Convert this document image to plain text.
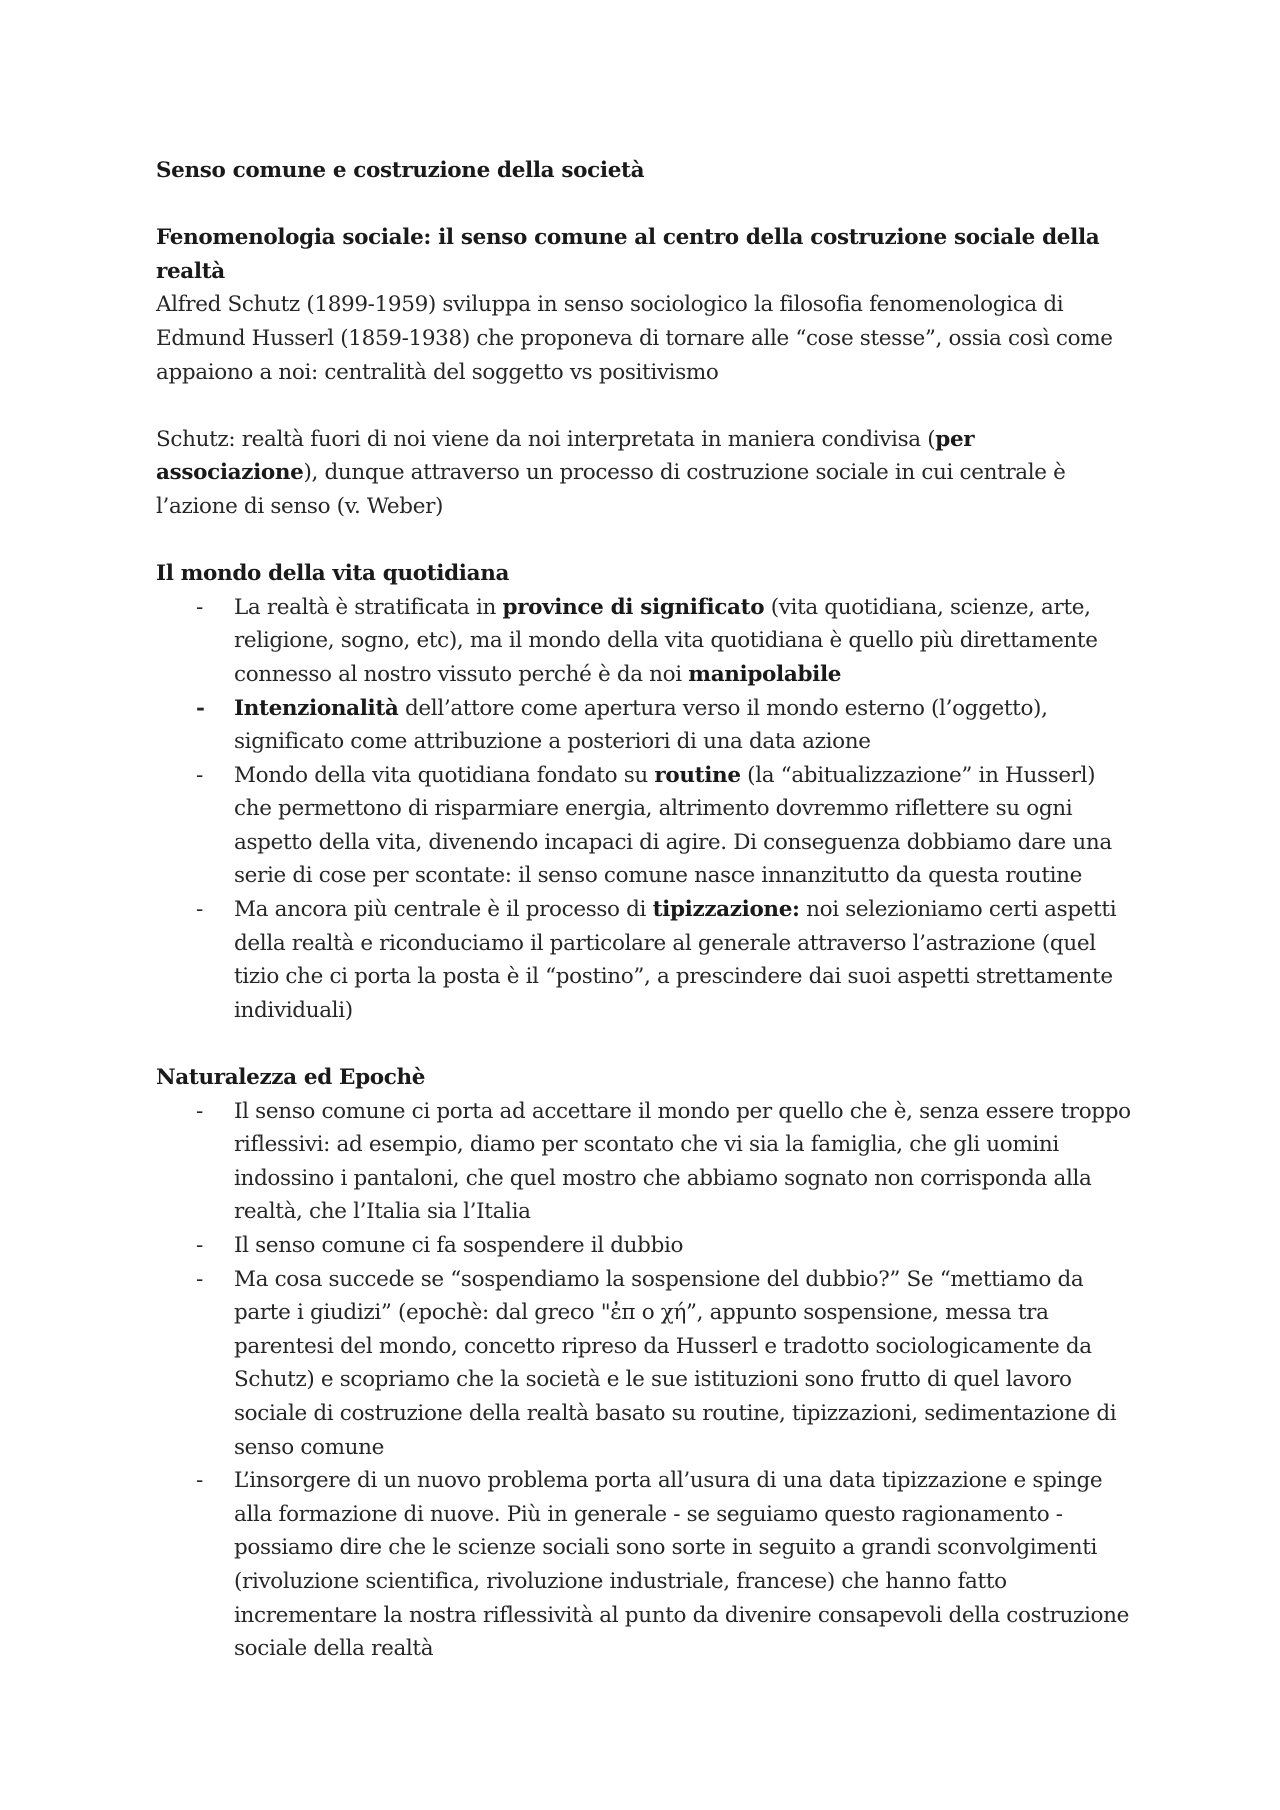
Senso comune e costruzione della società

Fenomenologia sociale: il senso comune al centro della costruzione sociale della realtà

Alfred Schutz (1899-1959) sviluppa in senso sociologico la filosofia fenomenologica di Edmund Husserl (1859-1938) che proponeva di tornare alle “cose stesse”, ossia così come appaiono a noi: centralità del soggetto vs positivismo

Schutz: realtà fuori di noi viene da noi interpretata in maniera condivisa (per associazione), dunque attraverso un processo di costruzione sociale in cui centrale è l’azione di senso (v. Weber)

Il mondo della vita quotidiana

- La realtà è stratificata in province di significato (vita quotidiana, scienze, arte, religione, sogno, etc), ma il mondo della vita quotidiana è quello più direttamente connesso al nostro vissuto perché è da noi manipolabile
- Intenzionalità dell’attore come apertura verso il mondo esterno (l’oggetto), significato come attribuzione a posteriori di una data azione
- Mondo della vita quotidiana fondato su routine (la “abitualizzazione” in Husserl) che permettono di risparmiare energia, altrimento dovremmo riflettere su ogni aspetto della vita, divenendo incapaci di agire. Di conseguenza dobbiamo dare una serie di cose per scontate: il senso comune nasce innanzitutto da questa routine
- Ma ancora più centrale è il processo di tipizzazione: noi selezioniamo certi aspetti della realtà e riconduciamo il particolare al generale attraverso l’astrazione (quel tizio che ci porta la posta è il “postino”, a prescindere dai suoi aspetti strettamente individuali)

Naturalezza ed Epochè

- Il senso comune ci porta ad accettare il mondo per quello che è, senza essere troppo riflessivi: ad esempio, diamo per scontato che vi sia la famiglia, che gli uomini indossino i pantaloni, che quel mostro che abbiamo sognato non corrisponda alla realtà, che l’Italia sia l’Italia
- Il senso comune ci fa sospendere il dubbio
- Ma cosa succede se “sospendiamo la sospensione del dubbio?” Se “mettiamo da parte i giudizi” (epochè: dal greco "ἐπ ο χή”, appunto sospensione, messa tra parentesi del mondo, concetto ripreso da Husserl e tradotto sociologicamente da Schutz) e scopriamo che la società e le sue istituzioni sono frutto di quel lavoro sociale di costruzione della realtà basato su routine, tipizzazioni, sedimentazione di senso comune
- L’insorgere di un nuovo problema porta all’usura di una data tipizzazione e spinge alla formazione di nuove. Più in generale - se seguiamo questo ragionamento - possiamo dire che le scienze sociali sono sorte in seguito a grandi sconvolgimenti (rivoluzione scientifica, rivoluzione industriale, francese) che hanno fatto incrementare la nostra riflessività al punto da divenire consapevoli della costruzione sociale della realtà
